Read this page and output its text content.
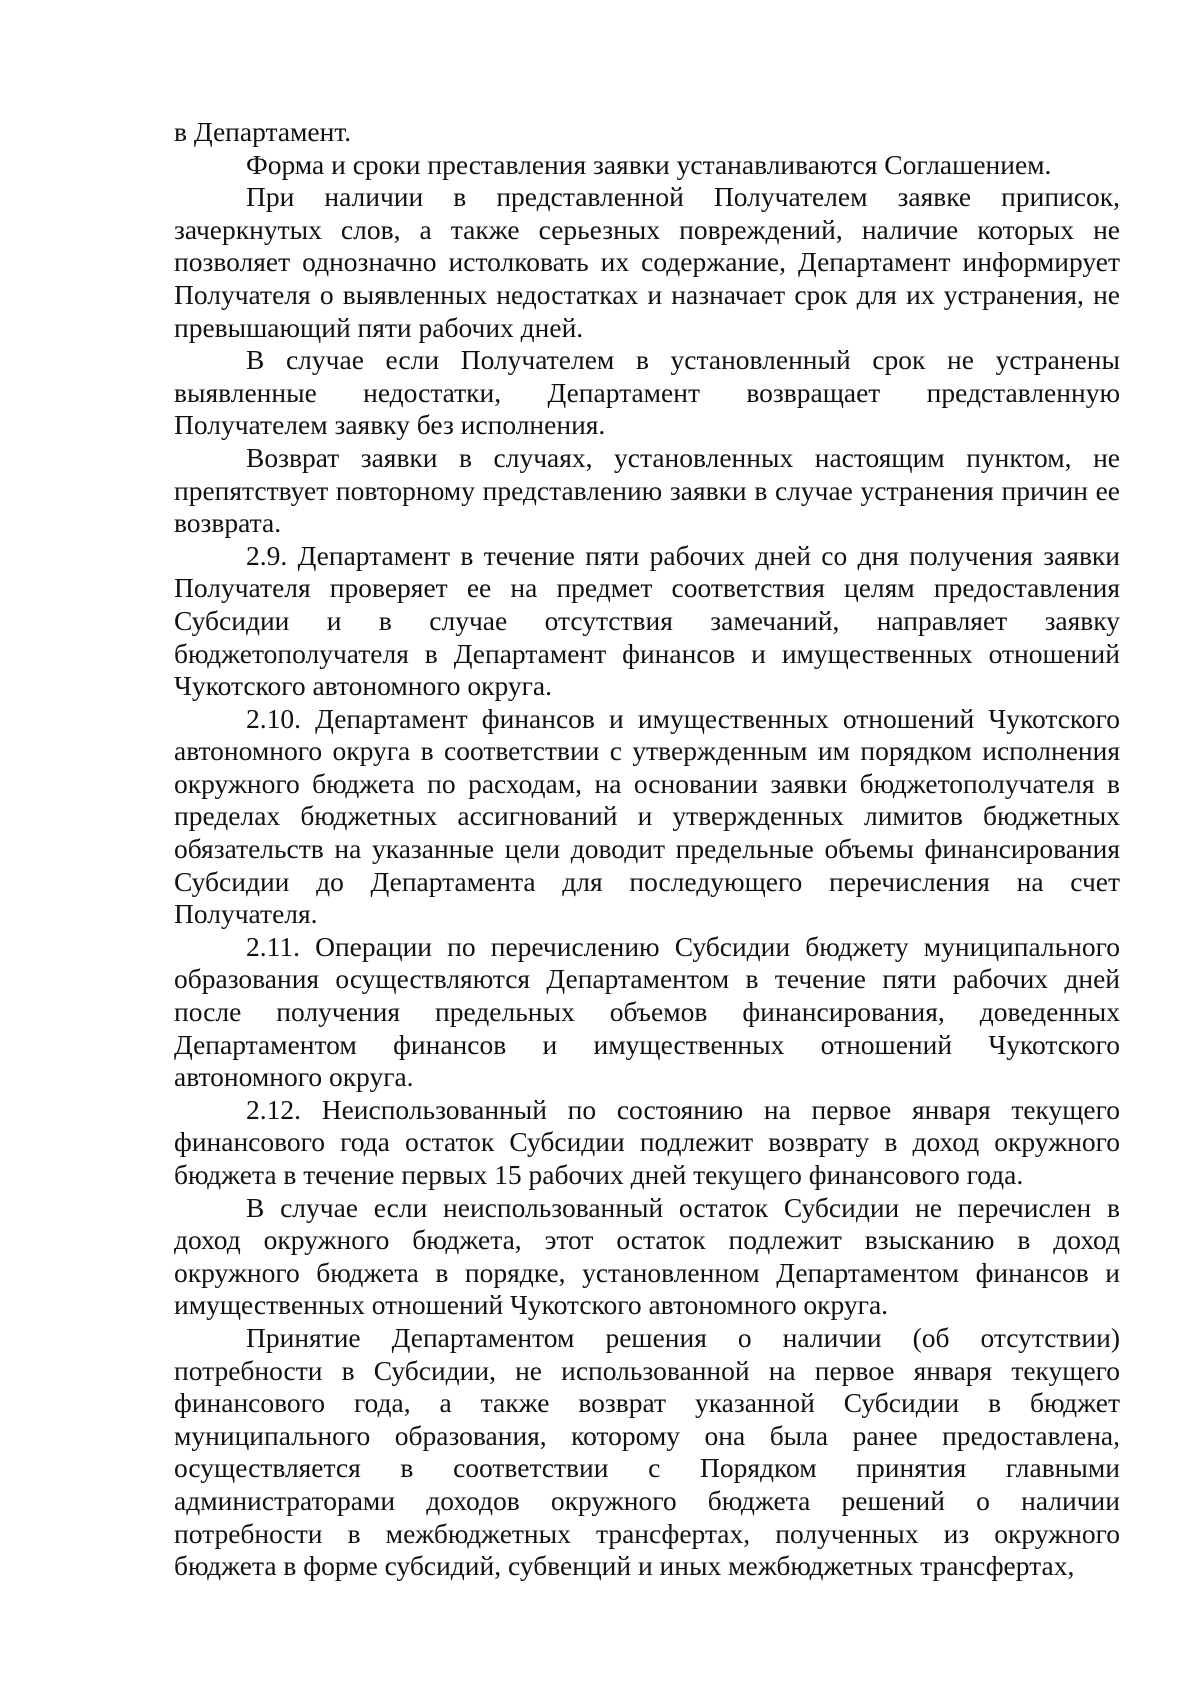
в Департамент.

Форма и сроки преставления заявки устанавливаются Соглашением.

При наличии в представленной Получателем заявке приписок, зачеркнутых слов, а также серьезных повреждений, наличие которых не позволяет однозначно истолковать их содержание, Департамент информирует Получателя о выявленных недостатках и назначает срок для их устранения, не превышающий пяти рабочих дней.

В случае если Получателем в установленный срок не устранены выявленные недостатки, Департамент возвращает представленную Получателем заявку без исполнения.

Возврат заявки в случаях, установленных настоящим пунктом, не препятствует повторному представлению заявки в случае устранения причин ее возврата.

2.9. Департамент в течение пяти рабочих дней со дня получения заявки Получателя проверяет ее на предмет соответствия целям предоставления Субсидии и в случае отсутствия замечаний, направляет заявку бюджетополучателя в Департамент финансов и имущественных отношений Чукотского автономного округа.

2.10. Департамент финансов и имущественных отношений Чукотского автономного округа в соответствии с утвержденным им порядком исполнения окружного бюджета по расходам, на основании заявки бюджетополучателя в пределах бюджетных ассигнований и утвержденных лимитов бюджетных обязательств на указанные цели доводит предельные объемы финансирования Субсидии до Департамента для последующего перечисления на счет Получателя.

2.11. Операции по перечислению Субсидии бюджету муниципального образования осуществляются Департаментом в течение пяти рабочих дней после получения предельных объемов финансирования, доведенных Департаментом финансов и имущественных отношений Чукотского автономного округа.

2.12. Неиспользованный по состоянию на первое января текущего финансового года остаток Субсидии подлежит возврату в доход окружного бюджета в течение первых 15 рабочих дней текущего финансового года.

В случае если неиспользованный остаток Субсидии не перечислен в доход окружного бюджета, этот остаток подлежит взысканию в доход окружного бюджета в порядке, установленном Департаментом финансов и имущественных отношений Чукотского автономного округа.

Принятие Департаментом решения о наличии (об отсутствии) потребности в Субсидии, не использованной на первое января текущего финансового года, а также возврат указанной Субсидии в бюджет муниципального образования, которому она была ранее предоставлена, осуществляется в соответствии с Порядком принятия главными администраторами доходов окружного бюджета решений о наличии потребности в межбюджетных трансфертах, полученных из окружного бюджета в форме субсидий, субвенций и иных межбюджетных трансфертах,
